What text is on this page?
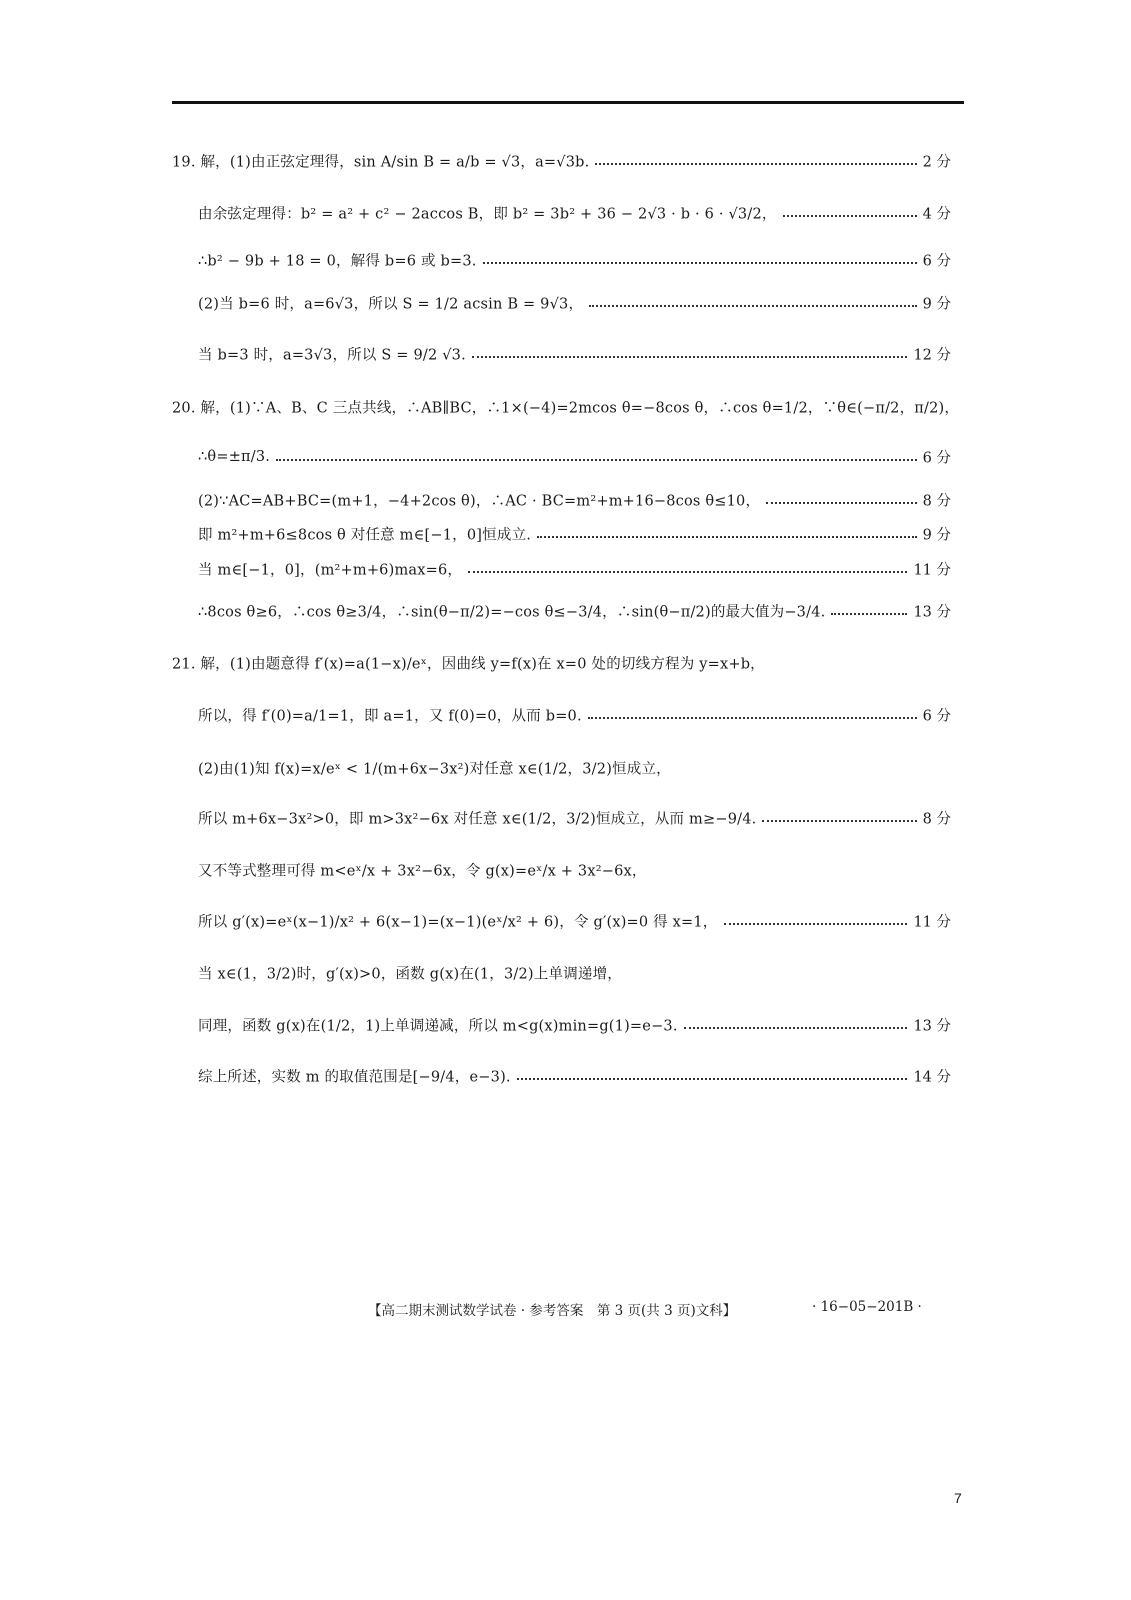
19. 解，(1)由正弦定理得，sin A/sin B = a/b = √3，a=√3b.	2 分
由余弦定理得：b² = a² + c² − 2accos B，即 b² = 3b² + 36 − 2√3 · b · 6 · √3/2，	4 分
∴b² − 9b + 18 = 0，解得 b=6 或 b=3.	6 分
(2)当 b=6 时，a=6√3，所以 S = 1/2 acsin B = 9√3，	9 分
当 b=3 时，a=3√3，所以 S = 9/2 √3.	12 分
20. 解，(1)∵A、B、C 三点共线，∴AB∥BC，∴1×(−4)=2mcos θ=−8cos θ，∴cos θ=1/2，∵θ∈(−π/2，π/2)，
∴θ=±π/3.	6 分
(2)∵AC=AB+BC=(m+1，−4+2cos θ)，∴AC · BC=m²+m+16−8cos θ≤10，	8 分
即 m²+m+6≤8cos θ 对任意 m∈[−1，0]恒成立.	9 分
当 m∈[−1，0]，(m²+m+6)max=6，	11 分
∴8cos θ≥6，∴cos θ≥3/4，∴sin(θ−π/2)=−cos θ≤−3/4，∴sin(θ−π/2)的最大值为−3/4.	13 分
21. 解，(1)由题意得 f′(x)=a(1−x)/eˣ，因曲线 y=f(x)在 x=0 处的切线方程为 y=x+b，
所以，得 f′(0)=a/1=1，即 a=1，又 f(0)=0，从而 b=0.	6 分
(2)由(1)知 f(x)=x/eˣ < 1/(m+6x−3x²)对任意 x∈(1/2，3/2)恒成立，
所以 m+6x−3x²>0，即 m>3x²−6x 对任意 x∈(1/2，3/2)恒成立，从而 m≥−9/4.	8 分
又不等式整理可得 m<eˣ/x + 3x²−6x，令 g(x)=eˣ/x + 3x²−6x，
所以 g′(x)=eˣ(x−1)/x² + 6(x−1)=(x−1)(eˣ/x² + 6)，令 g′(x)=0 得 x=1，	11 分
当 x∈(1，3/2)时，g′(x)>0，函数 g(x)在(1，3/2)上单调递增，
同理，函数 g(x)在(1/2，1)上单调递减，所以 m<g(x)min=g(1)=e−3.	13 分
综上所述，实数 m 的取值范围是[−9/4，e−3).	14 分
【高二期末测试数学试卷 · 参考答案　第 3 页(共 3 页)文科】	· 16−05−201B ·
7
